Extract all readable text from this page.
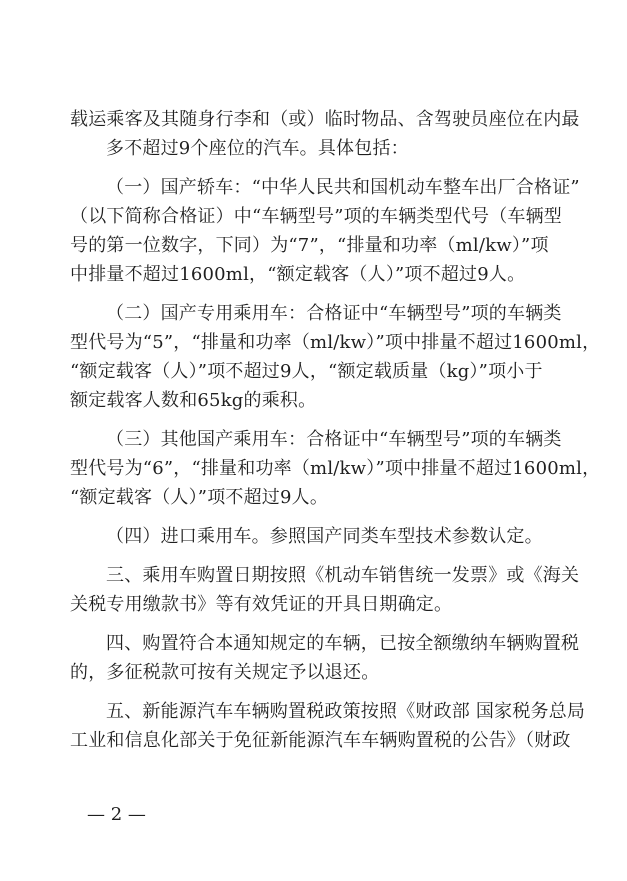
载运乘客及其随身行李和（或）临时物品、含驾驶员座位在内最
多不超过9个座位的汽车。具体包括：
（一）国产轿车：“中华人民共和国机动车整车出厂合格证”
（以下简称合格证）中“车辆型号”项的车辆类型代号（车辆型
号的第一位数字，下同）为“7”，“排量和功率（ml/kw）”项
中排量不超过1600ml，“额定载客（人）”项不超过9人。
（二）国产专用乘用车：合格证中“车辆型号”项的车辆类
型代号为“5”，“排量和功率（ml/kw）”项中排量不超过1600ml，
“额定载客（人）”项不超过9人，“额定载质量（kg）”项小于
额定载客人数和65kg的乘积。
（三）其他国产乘用车：合格证中“车辆型号”项的车辆类
型代号为“6”，“排量和功率（ml/kw）”项中排量不超过1600ml，
“额定载客（人）”项不超过9人。
（四）进口乘用车。参照国产同类车型技术参数认定。
三、乘用车购置日期按照《机动车销售统一发票》或《海关
关税专用缴款书》等有效凭证的开具日期确定。
四、购置符合本通知规定的车辆，已按全额缴纳车辆购置税
的，多征税款可按有关规定予以退还。
五、新能源汽车车辆购置税政策按照《财政部 国家税务总局
工业和信息化部关于免征新能源汽车车辆购置税的公告》（财政
— 2 —
